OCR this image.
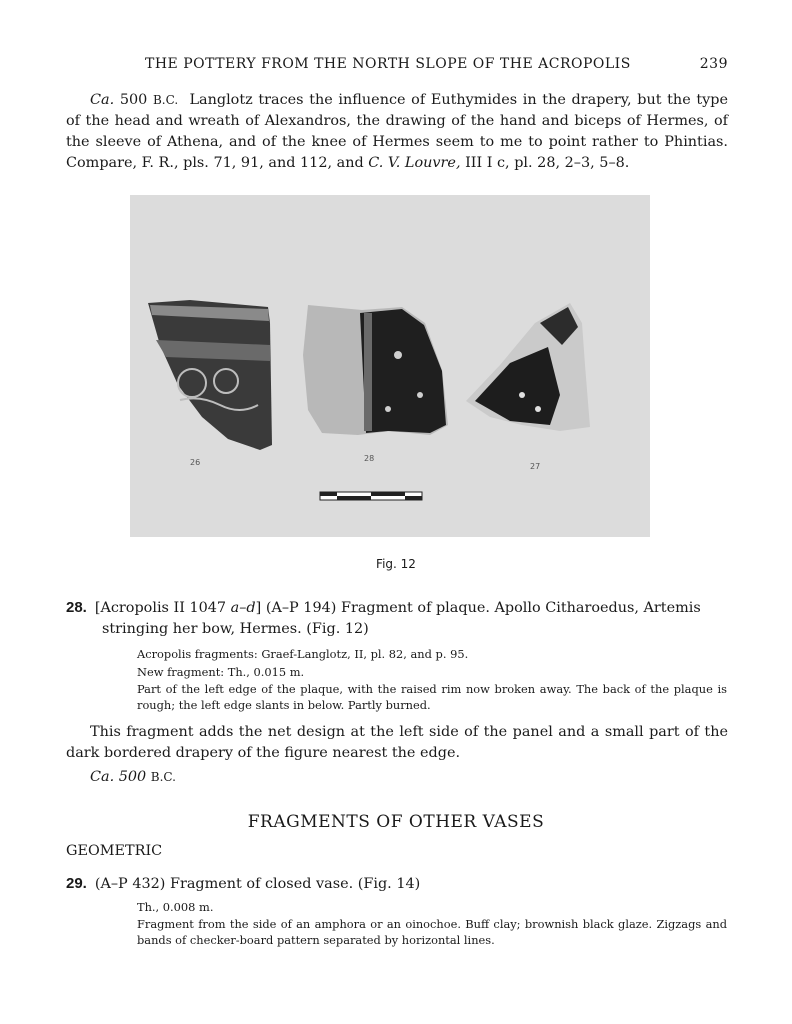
THE POTTERY FROM THE NORTH SLOPE OF THE ACROPOLIS	239
Ca. 500 B.C. Langlotz traces the influence of Euthymides in the drapery, but the type of the head and wreath of Alexandros, the drawing of the hand and biceps of Hermes, of the sleeve of Athena, and of the knee of Hermes seem to me to point rather to Phintias. Compare, F. R., pls. 71, 91, and 112, and C. V. Louvre, III I c, pl. 28, 2–3, 5–8.
26	28
27
Fig. 12
28. [Acropolis II 1047 a–d] (A–P 194) Fragment of plaque. Apollo Citharoedus, Artemis
stringing her bow, Hermes. (Fig. 12)
Acropolis fragments: Graef-Langlotz, II, pl. 82, and p. 95.
New fragment: Th., 0.015 m.
Part of the left edge of the plaque, with the raised rim now broken away. The back of the plaque is rough; the left edge slants in below. Partly burned.
This fragment adds the net design at the left side of the panel and a small part of the dark bordered drapery of the figure nearest the edge.
Ca. 500 B.C.
FRAGMENTS OF OTHER VASES
GEOMETRIC
29. (A–P 432) Fragment of closed vase. (Fig. 14)
Th., 0.008 m.
Fragment from the side of an amphora or an oinochoe. Buff clay; brownish black glaze. Zigzags and bands of checker-board pattern separated by horizontal lines.
